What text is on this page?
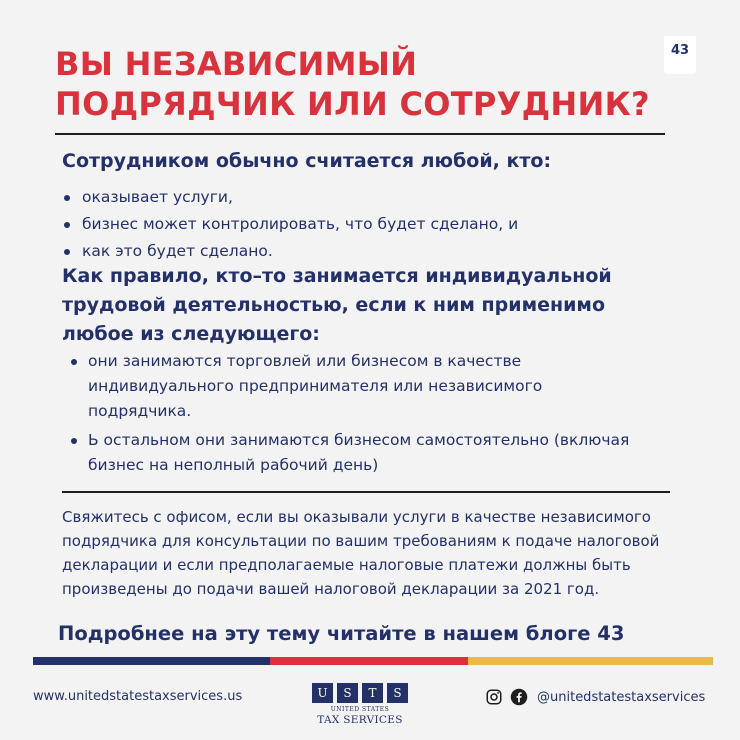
43
ВЫ НЕЗАВИСИМЫЙ ПОДРЯДЧИК ИЛИ СОТРУДНИК?
Сотрудником обычно считается любой, кто:
оказывает услуги,
бизнес может контролировать, что будет сделано, и
как это будет сделано.
Как правило, кто–то занимается индивидуальной трудовой деятельностью, если к ним применимо любое из следующего:
они занимаются торговлей или бизнесом в качестве индивидуального предпринимателя или независимого подрядчика.
Ь остальном они занимаются бизнесом самостоятельно (включая бизнес на неполный рабочий день)
Свяжитесь с офисом, если вы оказывали услуги в качестве независимого подрядчика для консультации по вашим требованиям к подаче налоговой декларации и если предполагаемые налоговые платежи должны быть произведены до подачи вашей налоговой декларации за 2021 год.
Подробнее на эту тему читайте в нашем блоге 43
www.unitedstatestaxservices.us	U	S	T	S
UNITED STATES
TAX SERVICES
@unitedstatestaxservices
